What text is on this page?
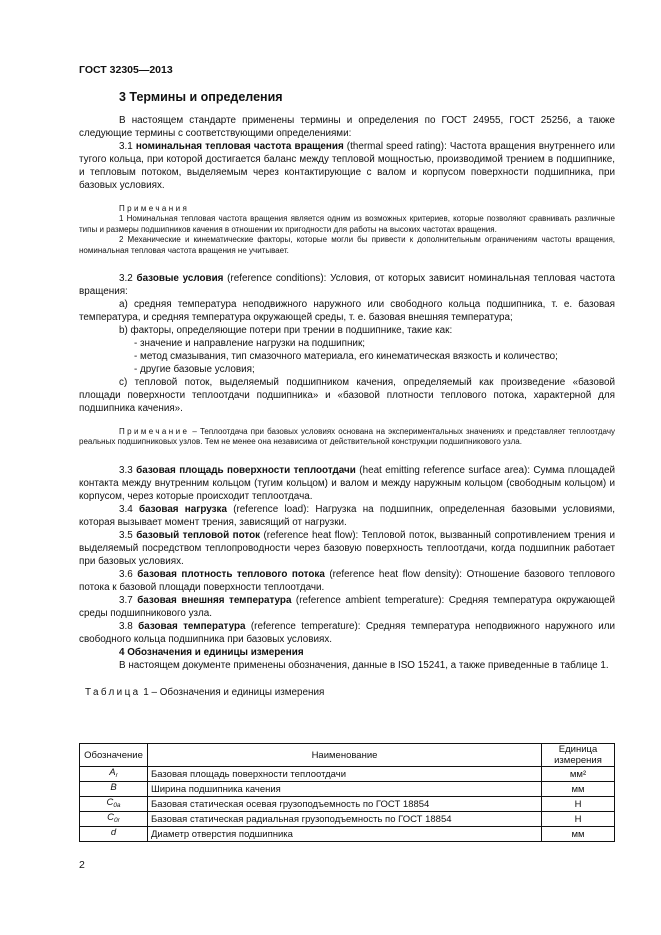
ГОСТ 32305—2013
3 Термины и определения

В настоящем стандарте применены термины и определения по ГОСТ 24955, ГОСТ 25256, а также следующие термины с соответствующими определениями:

3.1 номинальная тепловая частота вращения (thermal speed rating): Частота вращения внутреннего или тугого кольца, при которой достигается баланс между тепловой мощностью, производимой трением в подшипнике, и тепловым потоком, выделяемым через контактирующие с валом и корпусом поверхности подшипника, при базовых условиях.

Примечания

1 Номинальная тепловая частота вращения является одним из возможных критериев, которые позволяют сравнивать различные типы и размеры подшипников качения в отношении их пригодности для работы на высоких частотах вращения.

2 Механические и кинематические факторы, которые могли бы привести к дополнительным ограничениям частоты вращения, номинальная тепловая частота вращения не учитывает.

3.2 базовые условия (reference conditions): Условия, от которых зависит номинальная тепловая частота вращения:

а) средняя температура неподвижного наружного или свободного кольца подшипника, т. е. базовая температура, и средняя температура окружающей среды, т. е. базовая внешняя температура;

b) факторы, определяющие потери при трении в подшипнике, такие как:

- значение и направление нагрузки на подшипник;

- метод смазывания, тип смазочного материала, его кинематическая вязкость и количество;

- другие базовые условия;

с) тепловой поток, выделяемый подшипником качения, определяемый как произведение «базовой площади поверхности теплоотдачи подшипника» и «базовой плотности теплового потока, характерной для подшипника качения».

Примечание – Теплоотдача при базовых условиях основана на экспериментальных значениях и представляет теплоотдачу реальных подшипниковых узлов. Тем не менее она независима от действительной конструкции подшипникового узла.

3.3 базовая площадь поверхности теплоотдачи (heat emitting reference surface area): Сумма площадей контакта между внутренним кольцом (тугим кольцом) и валом и между наружным кольцом (свободным кольцом) и корпусом, через которые происходит теплоотдача.

3.4 базовая нагрузка (reference load): Нагрузка на подшипник, определенная базовыми условиями, которая вызывает момент трения, зависящий от нагрузки.

3.5 базовый тепловой поток (reference heat flow): Тепловой поток, вызванный сопротивлением трения и выделяемый посредством теплопроводности через базовую поверхность теплоотдачи, когда подшипник работает при базовых условиях.

3.6 базовая плотность теплового потока (reference heat flow density): Отношение базового теплового потока к базовой площади поверхности теплоотдачи.

3.7 базовая внешняя температура (reference ambient temperature): Средняя температура окружающей среды подшипникового узла.

3.8 базовая температура (reference temperature): Средняя температура неподвижного наружного или свободного кольца подшипника при базовых условиях.

4 Обозначения и единицы измерения

В настоящем документе применены обозначения, данные в ISO 15241, а также приведенные в таблице 1.

Таблица 1 – Обозначения и единицы измерения

Обозначение	Наименование	Единица измерения
$A_r$	Базовая площадь поверхности теплоотдачи	мм²
B	Ширина подшипника качения	мм
$C_{0a}$	Базовая статическая осевая грузоподъемность по ГОСТ 18854	Н
$C_{0r}$	Базовая статическая радиальная грузоподъемность по ГОСТ 18854	Н
d	Диаметр отверстия подшипника	мм
2
